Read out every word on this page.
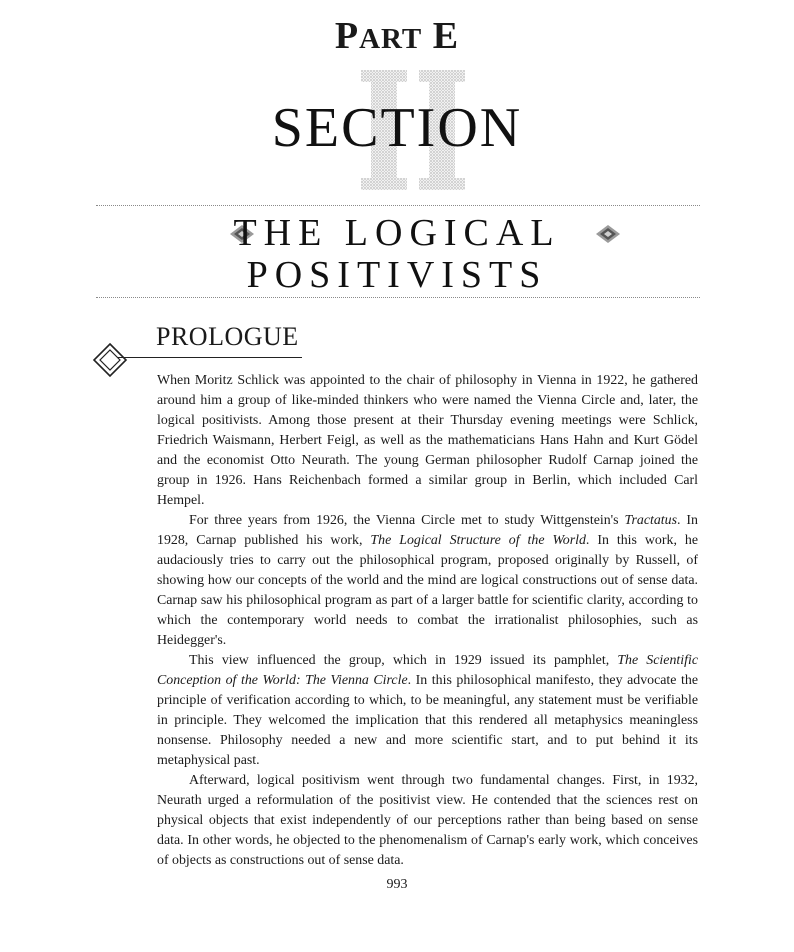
PART E
SECTION
THE LOGICAL
POSITIVISTS
PROLOGUE

When Moritz Schlick was appointed to the chair of philosophy in Vienna in 1922, he gathered around him a group of like-minded thinkers who were named the Vienna Circle and, later, the logical positivists. Among those present at their Thursday evening meetings were Schlick, Friedrich Waismann, Herbert Feigl, as well as the mathematicians Hans Hahn and Kurt Gödel and the economist Otto Neurath. The young German philosopher Rudolf Carnap joined the group in 1926. Hans Reichenbach formed a similar group in Berlin, which included Carl Hempel.

For three years from 1926, the Vienna Circle met to study Wittgenstein's Tractatus. In 1928, Carnap published his work, The Logical Structure of the World. In this work, he audaciously tries to carry out the philosophical program, proposed originally by Russell, of showing how our concepts of the world and the mind are logical constructions out of sense data. Carnap saw his philosophical program as part of a larger battle for scientific clarity, according to which the contemporary world needs to combat the irrationalist philosophies, such as Heidegger's.

This view influenced the group, which in 1929 issued its pamphlet, The Scientific Conception of the World: The Vienna Circle. In this philosophical manifesto, they advocate the principle of verification according to which, to be meaningful, any statement must be verifiable in principle. They welcomed the implication that this rendered all metaphysics meaningless nonsense. Philosophy needed a new and more scientific start, and to put behind it its metaphysical past.

Afterward, logical positivism went through two fundamental changes. First, in 1932, Neurath urged a reformulation of the positivist view. He contended that the sciences rest on physical objects that exist independently of our perceptions rather than being based on sense data. In other words, he objected to the phenomenalism of Carnap's early work, which conceives of objects as constructions out of sense data.

993
